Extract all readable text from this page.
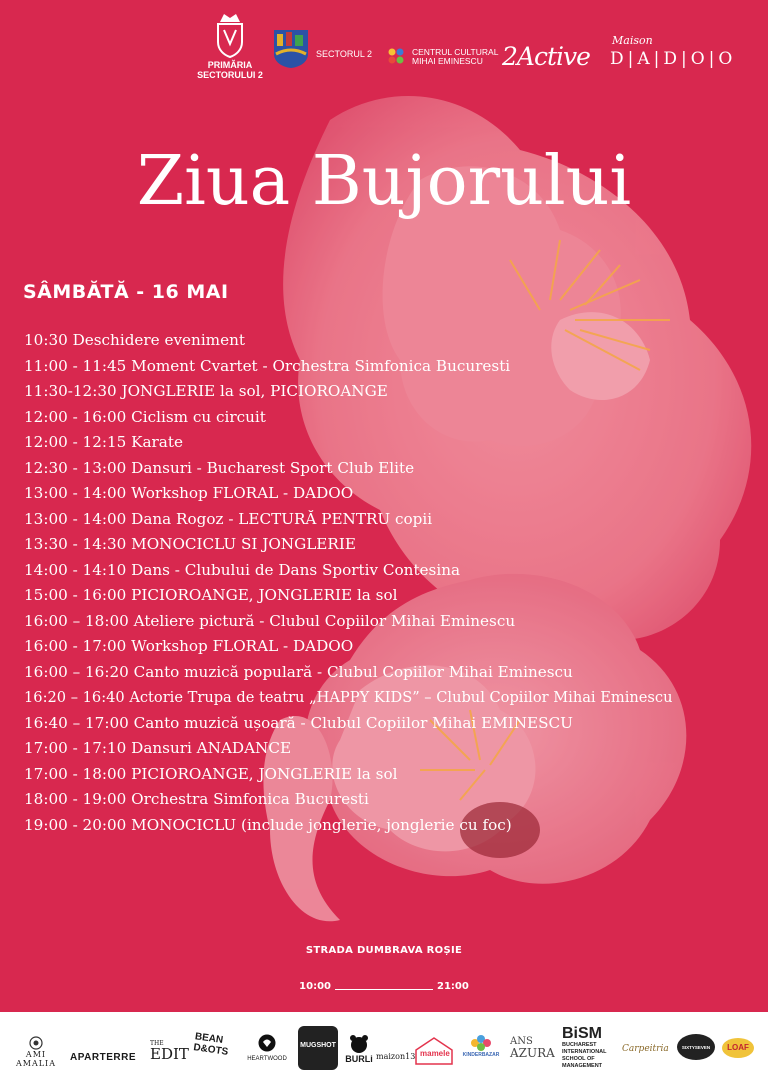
PRIMĂRIA
SECTORULUI 2
SECTORUL 2	CENTRUL CULTURAL
MIHAI EMINESCU 2Active
Maison
D|A|D|O|O
Ziua Bujorului
SÂMBĂTĂ - 16 MAI
10:30 Deschidere eveniment
11:00 - 11:45 Moment Cvartet - Orchestra Simfonica Bucuresti
11:30-12:30 JONGLERIE la sol, PICIOROANGE
12:00 - 16:00 Ciclism cu circuit
12:00 - 12:15 Karate
12:30 - 13:00 Dansuri - Bucharest Sport Club Elite
13:00 - 14:00 Workshop FLORAL - DADOO
13:00 - 14:00 Dana Rogoz - LECTURĂ PENTRU copii
13:30 - 14:30 MONOCICLU SI JONGLERIE
14:00 - 14:10 Dans - Clubului de Dans Sportiv Contesina
15:00 - 16:00 PICIOROANGE, JONGLERIE la sol
16:00 – 18:00 Ateliere pictură - Clubul Copiilor Mihai Eminescu
16:00 - 17:00 Workshop FLORAL - DADOO
16:00 – 16:20 Canto muzică populară - Clubul Copiilor Mihai Eminescu
16:20 – 16:40 Actorie Trupa de teatru „HAPPY KIDS” – Clubul Copiilor Mihai Eminescu
16:40 – 17:00 Canto muzică ușoară - Clubul Copiilor Mihai EMINESCU
17:00 - 17:10 Dansuri ANADANCE
17:00 - 18:00 PICIOROANGE, JONGLERIE la sol
18:00 - 19:00 Orchestra Simfonica Bucuresti
19:00 - 20:00 MONOCICLU (include jonglerie, jonglerie cu foc)
STRADA DUMBRAVA ROȘIE
10:00	21:00
AMI AMALIA
APARTERRE
THE
EDIT
BEAN D&OTS
HEARTWOOD
MUGSHOT
BURLi maizon13 mamele	KINDERBAZAR
ANS
AZURA
BiSM
BUCHAREST
INTERNATIONAL
SCHOOL OF
MANAGEMENT
Carpeitria	SIXTYSEVEN	LOAF
